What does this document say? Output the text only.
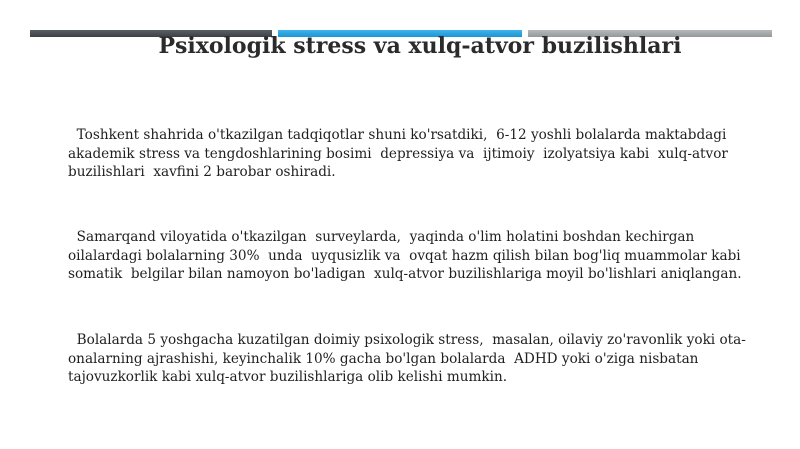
Psixologik stress va xulq-atvor buzilishlari
Toshkent shahrida o'tkazilgan tadqiqotlar shuni ko'rsatdiki,  6-12 yoshli bolalarda maktabdagi  akademik stress va tengdoshlarining bosimi  depressiya va  ijtimoiy  izolyatsiya kabi  xulq-atvor buzilishlari  xavfini 2 barobar oshiradi.
Samarqand viloyatida o'tkazilgan  surveylarda,  yaqinda o'lim holatini boshdan kechirgan oilalardagi bolalarning 30%  unda  uyqusizlik va  ovqat hazm qilish bilan bog'liq muammolar kabi  somatik  belgilar bilan namoyon bo'ladigan  xulq-atvor buzilishlariga moyil bo'lishlari aniqlangan.
Bolalarda 5 yoshgacha kuzatilgan doimiy psixologik stress,  masalan, oilaviy zo'ravonlik yoki ota-onalarning ajrashishi, keyinchalik 10% gacha bo'lgan bolalarda  ADHD yoki o'ziga nisbatan tajovuzkorlik kabi xulq-atvor buzilishlariga olib kelishi mumkin.
